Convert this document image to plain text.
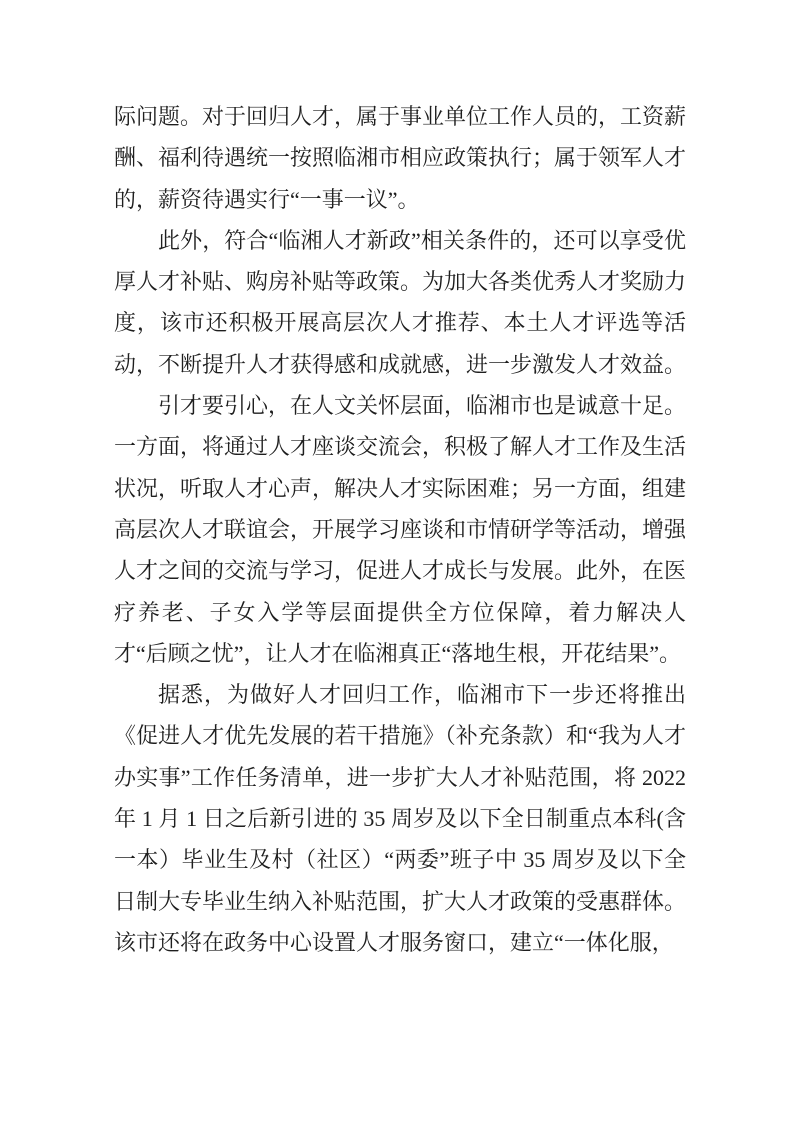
际问题。对于回归人才，属于事业单位工作人员的，工资薪酬、福利待遇统一按照临湘市相应政策执行；属于领军人才的，薪资待遇实行“一事一议”。

此外，符合“临湘人才新政”相关条件的，还可以享受优厚人才补贴、购房补贴等政策。为加大各类优秀人才奖励力度，该市还积极开展高层次人才推荐、本土人才评选等活动，不断提升人才获得感和成就感，进一步激发人才效益。

引才要引心，在人文关怀层面，临湘市也是诚意十足。一方面，将通过人才座谈交流会，积极了解人才工作及生活状况，听取人才心声，解决人才实际困难；另一方面，组建高层次人才联谊会，开展学习座谈和市情研学等活动，增强人才之间的交流与学习，促进人才成长与发展。此外，在医疗养老、子女入学等层面提供全方位保障，着力解决人才“后顾之忧”，让人才在临湘真正“落地生根，开花结果”。

据悉，为做好人才回归工作，临湘市下一步还将推出《促进人才优先发展的若干措施》（补充条款）和“我为人才办实事”工作任务清单，进一步扩大人才补贴范围，将 2022 年 1 月 1 日之后新引进的 35 周岁及以下全日制重点本科(含一本）毕业生及村（社区）“两委”班子中 35 周岁及以下全日制大专毕业生纳入补贴范围，扩大人才政策的受惠群体。该市还将在政务中心设置人才服务窗口，建立“一体化服，
